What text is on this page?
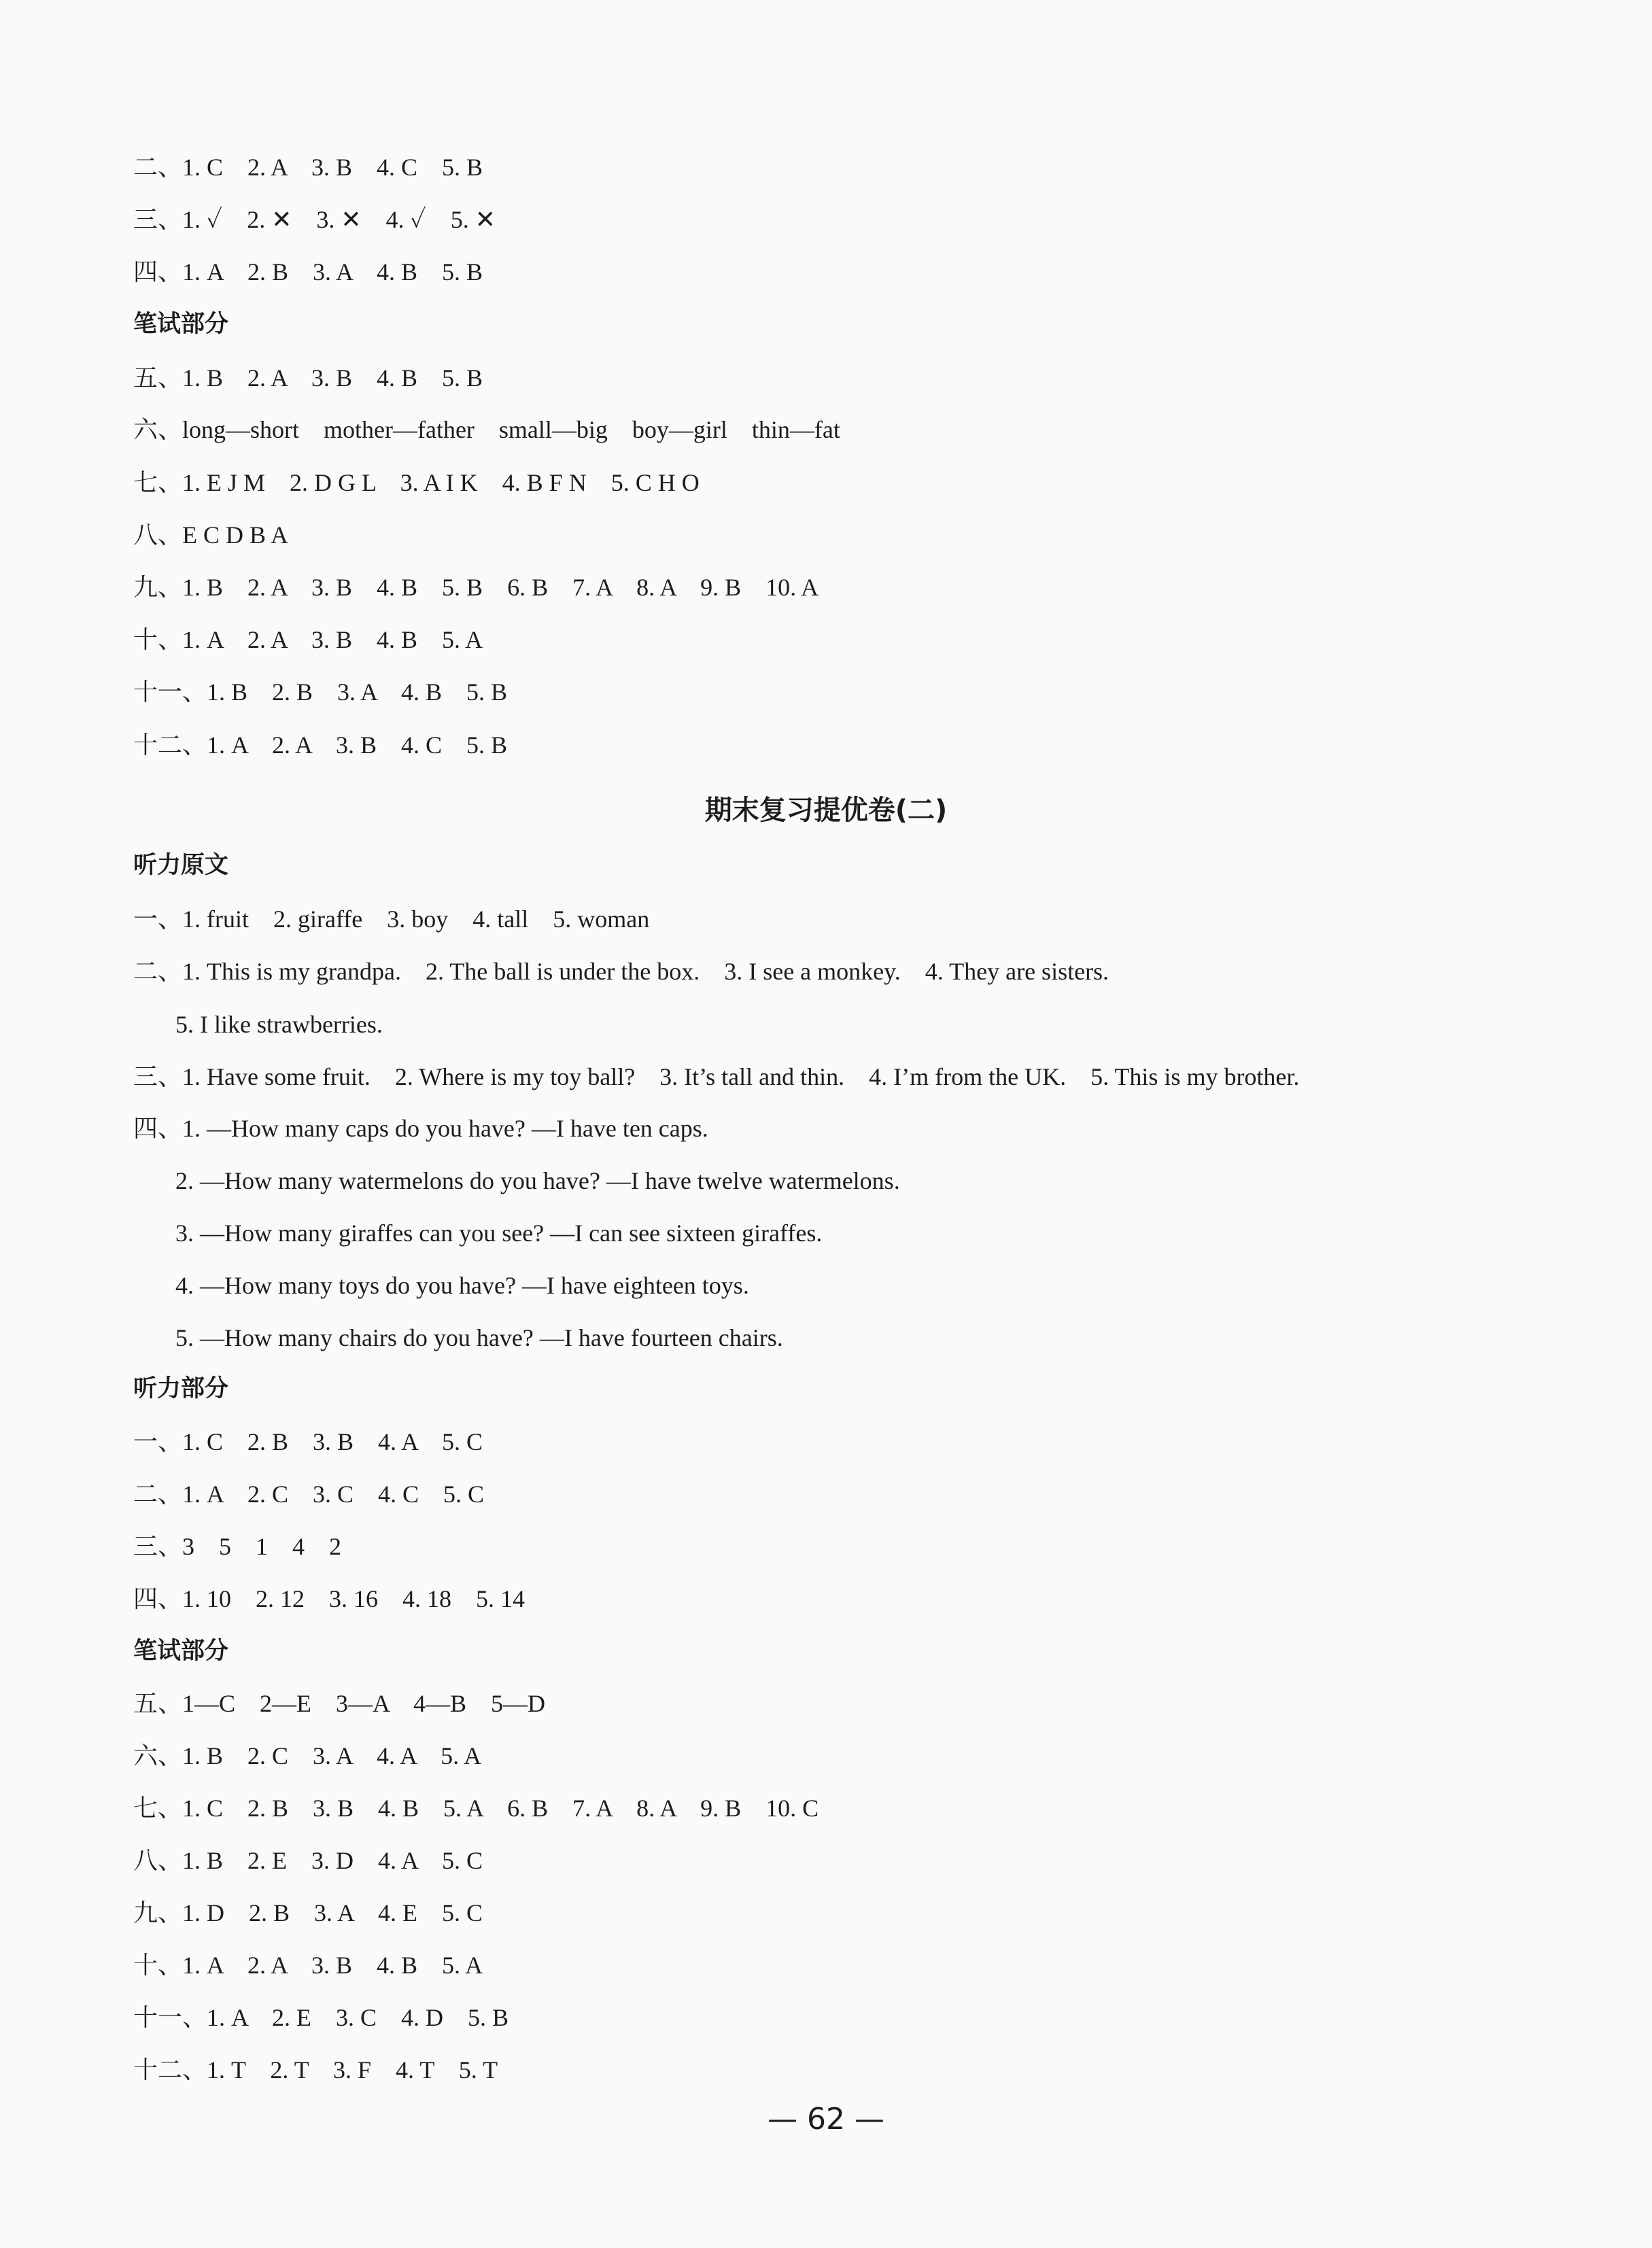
二、1. C　2. A　3. B　4. C　5. B
三、1. ✓　2. ✕　3. ✕　4. ✓　5. ✕
四、1. A　2. B　3. A　4. B　5. B
笔试部分
五、1. B　2. A　3. B　4. B　5. B
六、long—short　mother—father　small—big　boy—girl　thin—fat
七、1. E J M　2. D G L　3. A I K　4. B F N　5. C H O
八、E C D B A
九、1. B　2. A　3. B　4. B　5. B　6. B　7. A　8. A　9. B　10. A
十、1. A　2. A　3. B　4. B　5. A
十一、1. B　2. B　3. A　4. B　5. B
十二、1. A　2. A　3. B　4. C　5. B
期末复习提优卷(二)
听力原文
一、1. fruit　2. giraffe　3. boy　4. tall　5. woman
二、1. This is my grandpa.　2. The ball is under the box.　3. I see a monkey.　4. They are sisters.
5. I like strawberries.
三、1. Have some fruit.　2. Where is my toy ball?　3. It’s tall and thin.　4. I’m from the UK.　5. This is my brother.
四、1. —How many caps do you have? —I have ten caps.
2. —How many watermelons do you have? —I have twelve watermelons.
3. —How many giraffes can you see? —I can see sixteen giraffes.
4. —How many toys do you have? —I have eighteen toys.
5. —How many chairs do you have? —I have fourteen chairs.
听力部分
一、1. C　2. B　3. B　4. A　5. C
二、1. A　2. C　3. C　4. C　5. C
三、3　5　1　4　2
四、1. 10　2. 12　3. 16　4. 18　5. 14
笔试部分
五、1—C　2—E　3—A　4—B　5—D
六、1. B　2. C　3. A　4. A　5. A
七、1. C　2. B　3. B　4. B　5. A　6. B　7. A　8. A　9. B　10. C
八、1. B　2. E　3. D　4. A　5. C
九、1. D　2. B　3. A　4. E　5. C
十、1. A　2. A　3. B　4. B　5. A
十一、1. A　2. E　3. C　4. D　5. B
十二、1. T　2. T　3. F　4. T　5. T
— 62 —
